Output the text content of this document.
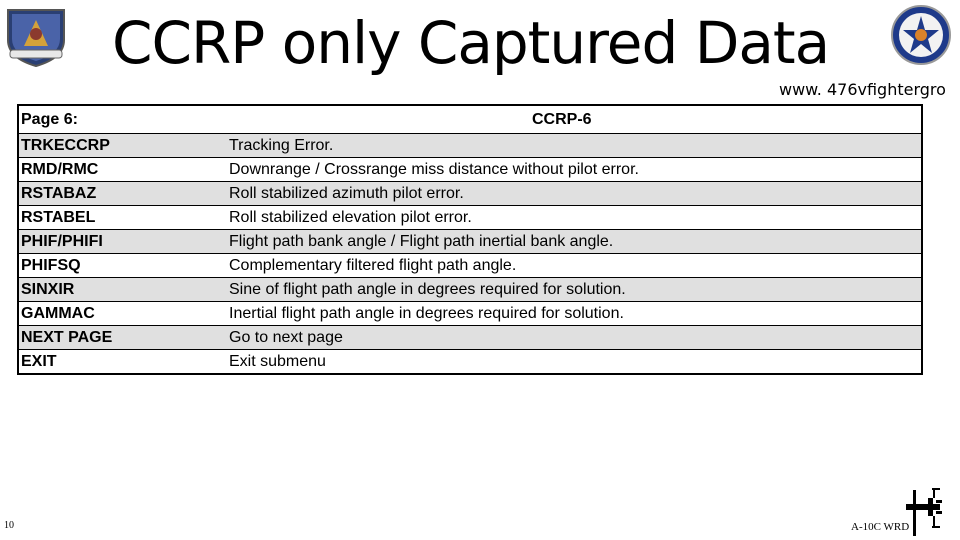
CCRP only Captured Data
www. 476vfightergro
Page 6:	CCRP-6
TRKECCRP	Tracking Error.
RMD/RMC	Downrange / Crossrange miss distance without pilot error.
RSTABAZ	Roll stabilized azimuth pilot error.
RSTABEL	Roll stabilized elevation pilot error.
PHIF/PHIFI	Flight path bank angle / Flight path inertial bank angle.
PHIFSQ	Complementary filtered flight path angle.
SINXIR	Sine of flight path angle in degrees required for solution.
GAMMAC	Inertial flight path angle in degrees required for solution.
NEXT PAGE	Go to next page
EXIT	Exit submenu
10	A-10C WRD
